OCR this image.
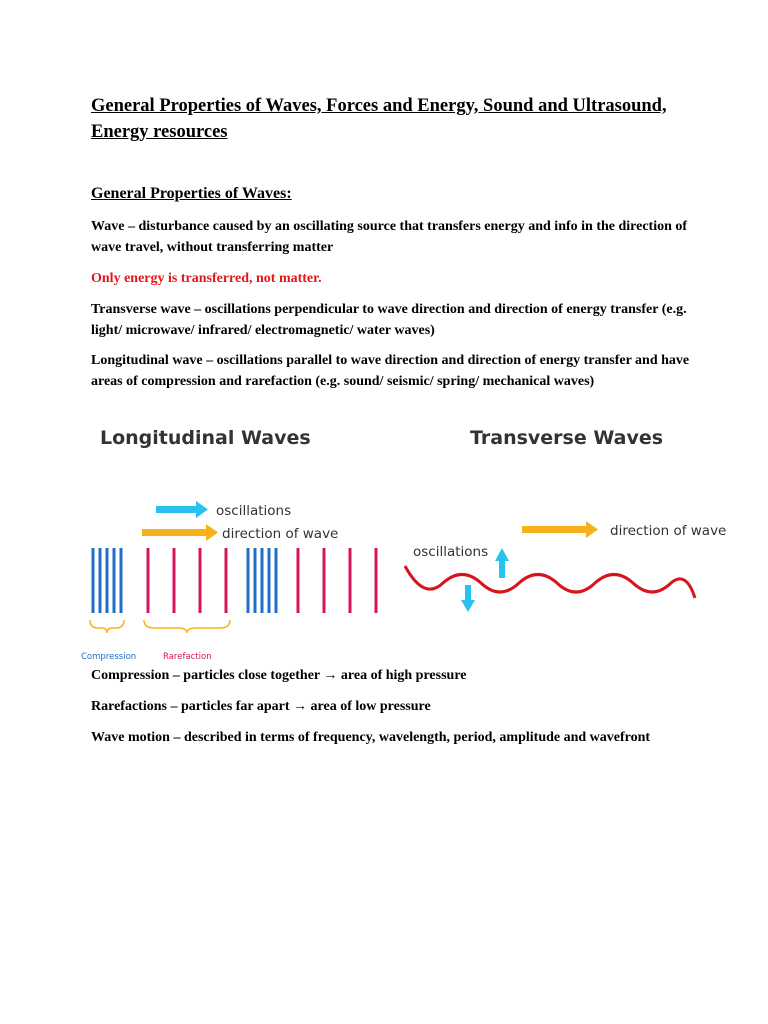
General Properties of Waves, Forces and Energy, Sound and Ultrasound, Energy resources
General Properties of Waves:
Wave – disturbance caused by an oscillating source that transfers energy and info in the direction of wave travel, without transferring matter
Only energy is transferred, not matter.
Transverse wave – oscillations perpendicular to wave direction and direction of energy transfer (e.g. light/ microwave/ infrared/ electromagnetic/ water waves)
Longitudinal wave – oscillations parallel to wave direction and direction of energy transfer and have areas of compression and rarefaction (e.g. sound/ seismic/ spring/ mechanical waves)
Longitudinal Waves	Transverse Waves
oscillations
direction of wave
Compression	Rarefaction
direction of wave
oscillations
Compression – particles close together → area of high pressure
Rarefactions – particles far apart → area of low pressure
Wave motion – described in terms of frequency, wavelength, period, amplitude and wavefront
